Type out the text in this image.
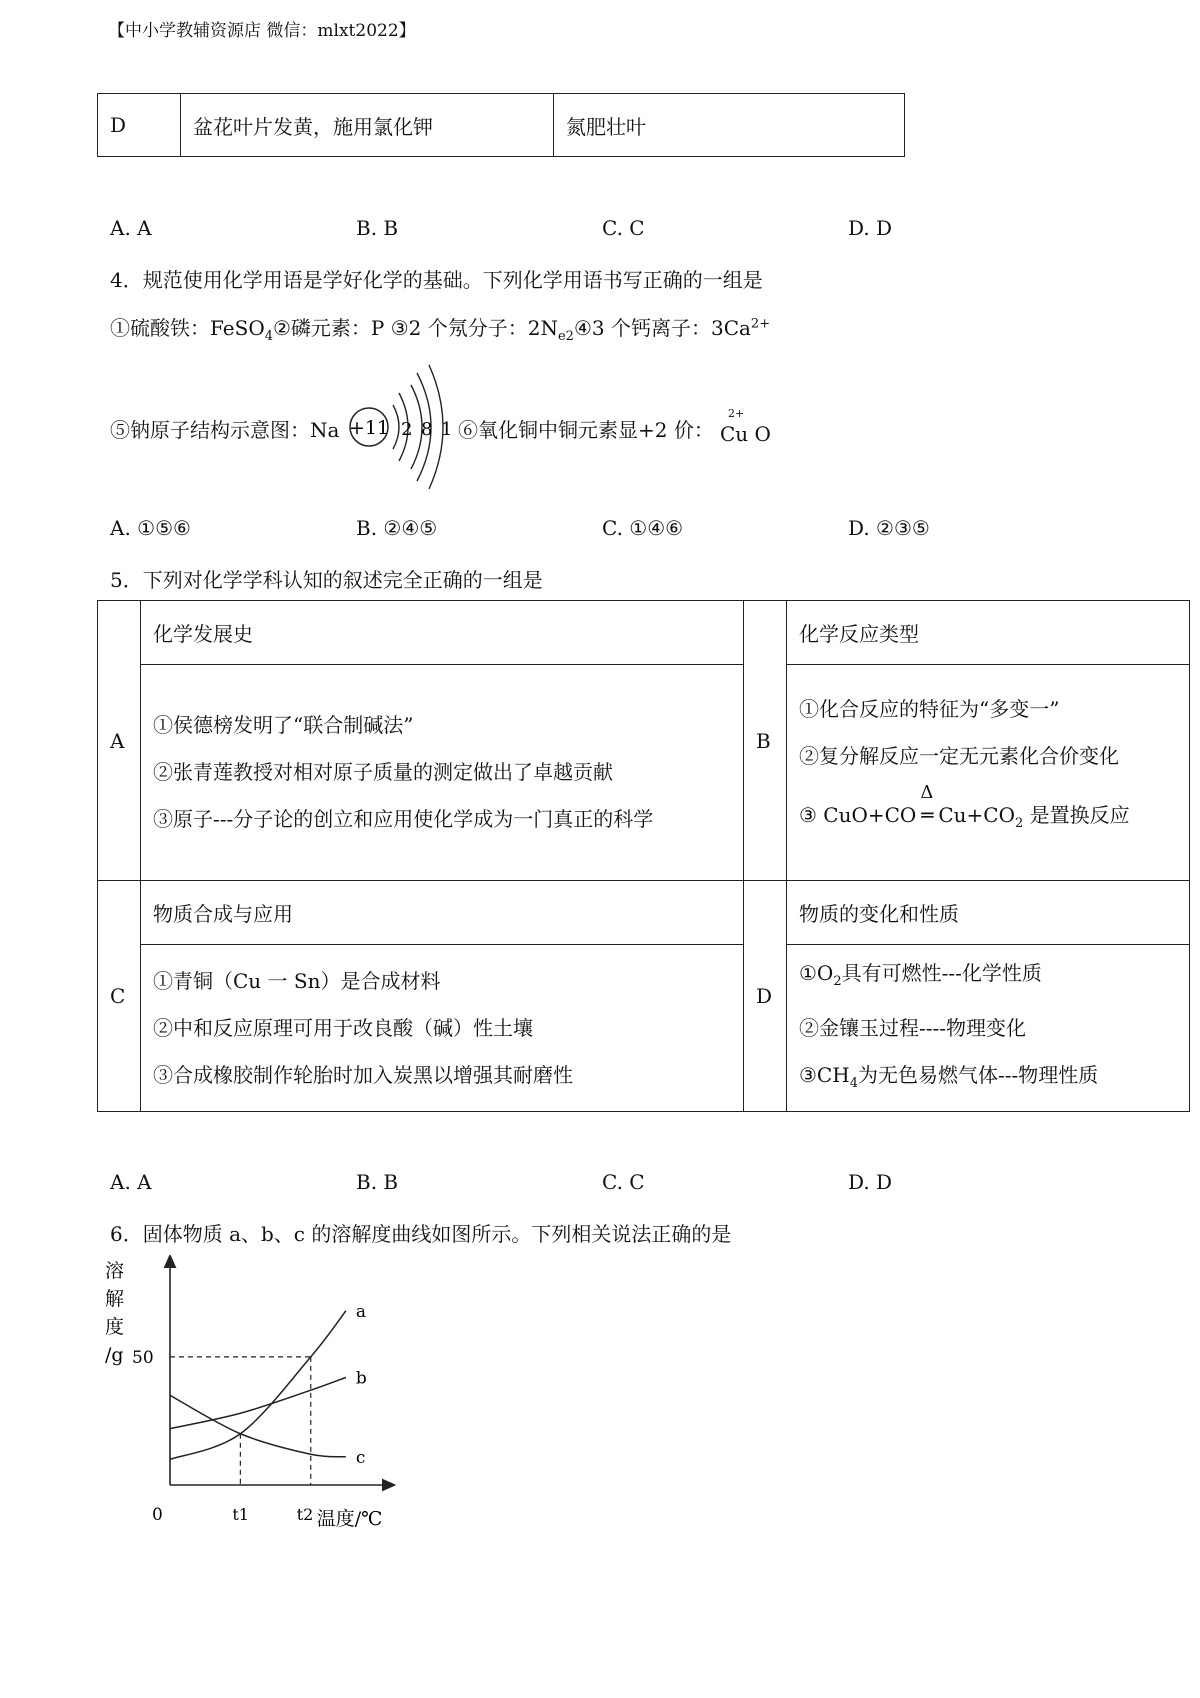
【中小学教辅资源店 微信：mlxt2022】
D	盆花叶片发黄，施用氯化钾	氮肥壮叶
A. A	B. B	C. C	D. D
4．规范使用化学用语是学好化学的基础。下列化学用语书写正确的一组是
①硫酸铁：FeSO$_4$②磷元素：P ③2 个氖分子：$2N_{e2}④3$ 个钙离子：$3Ca^{2+}$
⑤钠原子结构示意图：Na +11 2 8 1 ⑥氧化铜中铜元素显+2 价：
2+
Cu O
A. ①⑤⑥	B. ②④⑤	C. ①④⑥	D. ②③⑤
5．下列对化学学科认知的叙述完全正确的一组是
A	化学发展史	B	化学反应类型

	①侯德榜发明了“联合制碱法”
②张青莲教授对相对原子质量的测定做出了卓越贡献
③原子---分子论的创立和应用使化学成为一门真正的科学		①化合反应的特征为“多变一”
②复分解反应一定无元素化合价变化
③ CuO+CO
Δ
═ $Cu+CO_2$ 是置换反应

C	物质合成与应用	D	物质的变化和性质

	①青铜（Cu 一 Sn）是合成材料
②中和反应原理可用于改良酸（碱）性土壤
③合成橡胶制作轮胎时加入炭黑以增强其耐磨性		$①O_2$具有可燃性---化学性质
②金镶玉过程----物理变化
$③CH_4$为无色易燃气体---物理性质
A. A	B. B	C. C	D. D
6．固体物质 a、b、c 的溶解度曲线如图所示。下列相关说法正确的是
a
b
c
溶
解
度
/g 50
0	t1	t2 温度/℃
